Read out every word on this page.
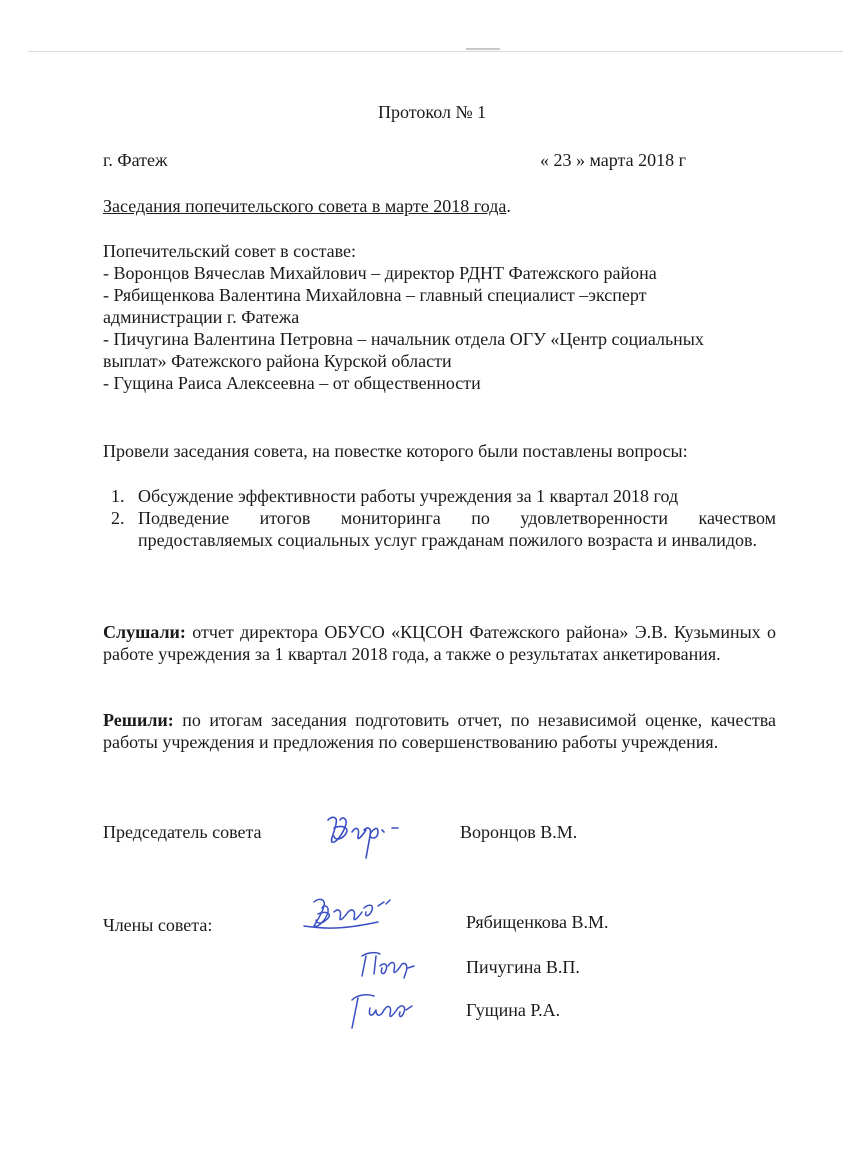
Протокол № 1
г. Фатеж	« 23 » марта 2018 г
Заседания попечительского совета в марте 2018 года.
Попечительский совет в составе:
- Воронцов Вячеслав Михайлович – директор РДНТ Фатежского района
- Рябищенкова Валентина Михайловна – главный специалист –эксперт
администрации г. Фатежа
- Пичугина Валентина Петровна – начальник отдела ОГУ «Центр социальных
выплат» Фатежского района Курской области
- Гущина Раиса Алексеевна – от общественности
Провели заседания совета, на повестке которого были поставлены вопросы:
1. Обсуждение эффективности работы учреждения за 1 квартал 2018 год
2. Подведение итогов мониторинга по удовлетворенности качеством предоставляемых социальных услуг гражданам пожилого возраста и инвалидов.
Слушали: отчет директора ОБУСО «КЦСОН Фатежского района» Э.В. Кузьминых о работе учреждения за 1 квартал 2018 года, а также о результатах анкетирования.
Решили: по итогам заседания подготовить отчет, по независимой оценке, качества работы учреждения и предложения по совершенствованию работы учреждения.
Председатель совета	Воронцов В.М.
Члены совета:	Рябищенкова В.М.
Пичугина В.П.
Гущина Р.А.
